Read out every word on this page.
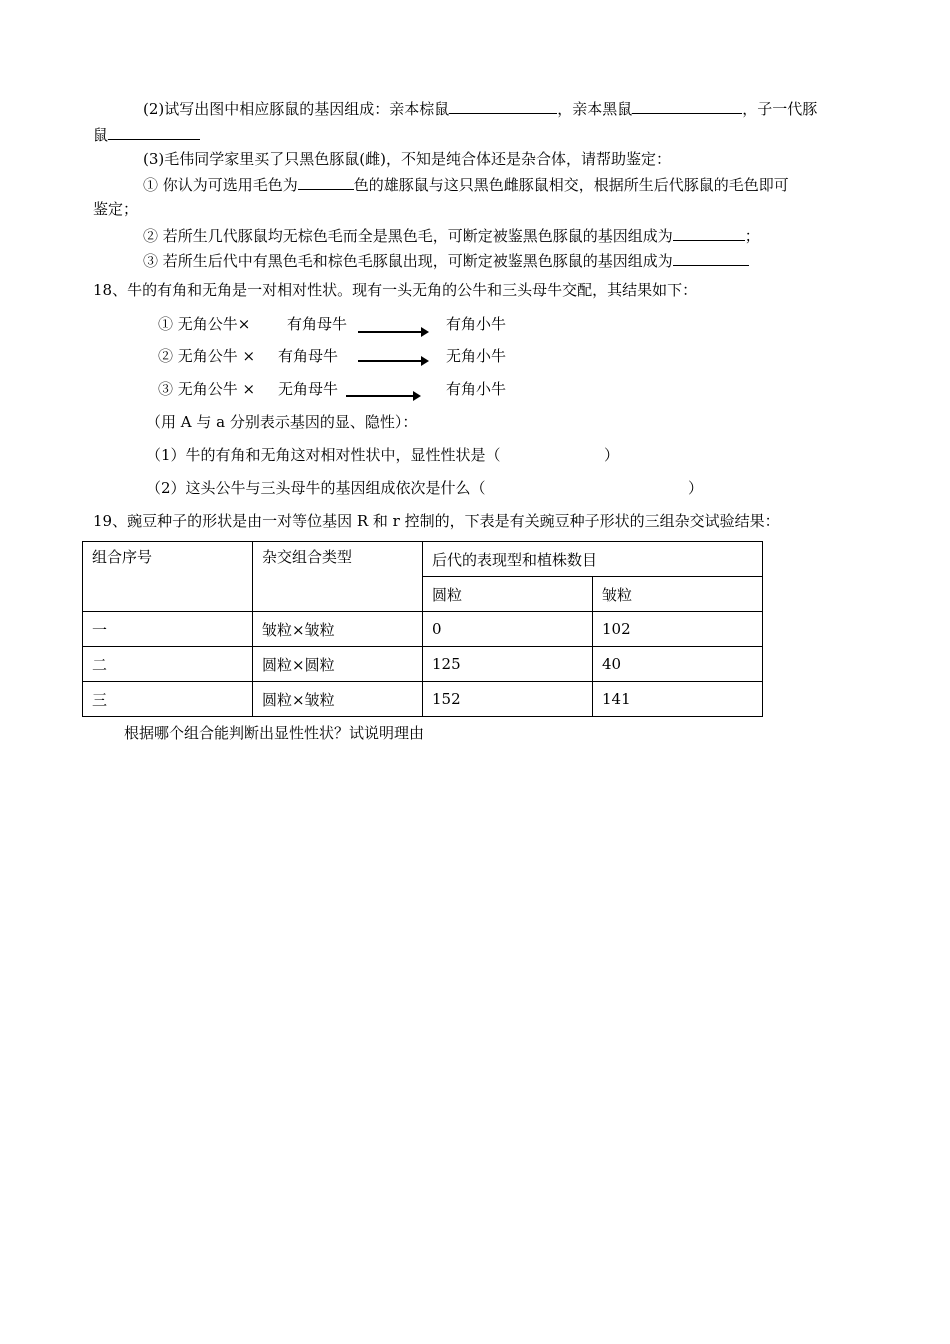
(2)试写出图中相应豚鼠的基因组成：亲本棕鼠	，亲本黑鼠	，子一代豚
鼠
(3)毛伟同学家里买了只黑色豚鼠(雌)，不知是纯合体还是杂合体，请帮助鉴定：
① 你认为可选用毛色为	色的雄豚鼠与这只黑色雌豚鼠相交，根据所生后代豚鼠的毛色即可
鉴定；
② 若所生几代豚鼠均无棕色毛而全是黑色毛，可断定被鉴黑色豚鼠的基因组成为	；
③ 若所生后代中有黑色毛和棕色毛豚鼠出现，可断定被鉴黑色豚鼠的基因组成为
18、牛的有角和无角是一对相对性状。现有一头无角的公牛和三头母牛交配，其结果如下：
① 无角公牛× 有角母牛	有角小牛
② 无角公牛 × 有角母牛	无角小牛
③ 无角公牛 × 无角母牛	有角小牛
（用 A 与 a 分别表示基因的显、隐性）：
（1）牛的有角和无角这对相对性状中，显性性状是（	）
（2）这头公牛与三头母牛的基因组成依次是什么（	）
19、豌豆种子的形状是由一对等位基因 R 和 r 控制的，下表是有关豌豆种子形状的三组杂交试验结果：
组合序号	杂交组合类型	后代的表现型和植株数目	
		圆粒	皱粒
一	皱粒×皱粒	0	102
二	圆粒×圆粒	125	40
三	圆粒×皱粒	152	141
根据哪个组合能判断出显性性状？试说明理由
